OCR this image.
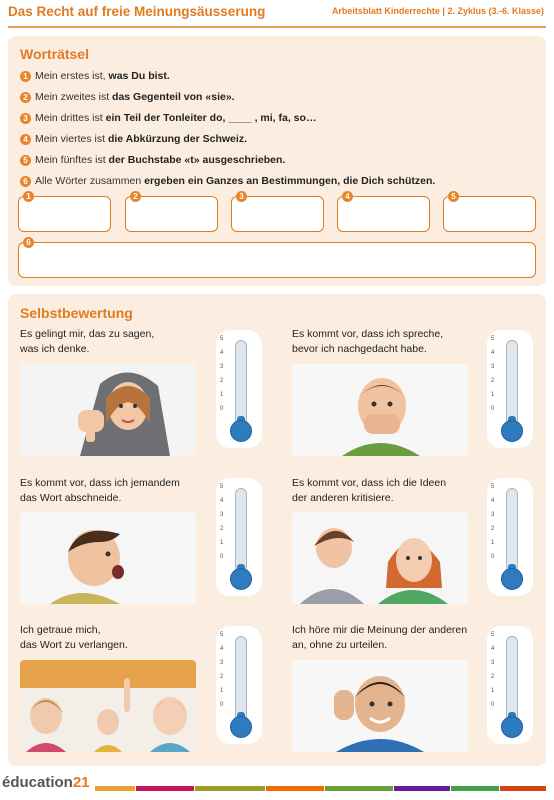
Das Recht auf freie Meinungsäusserung	Arbeitsblatt Kinderrechte | 2. Zyklus (3.-6. Klasse)
Worträtsel
1 Mein erstes ist, was Du bist.
2 Mein zweites ist das Gegenteil von «sie».
3 Mein drittes ist ein Teil der Tonleiter do, ____ , mi, fa, so…
4 Mein viertes ist die Abkürzung der Schweiz.
5 Mein fünftes ist der Buchstabe «t» ausgeschrieben.
6 Alle Wörter zusammen ergeben ein Ganzes an Bestimmungen, die Dich schützen.
1	2	3	4	5
6
Selbstbewertung
Es gelingt mir, das zu sagen,
was ich denke.
5
4
3
2
1
0
Es kommt vor, dass ich spreche,
bevor ich nachgedacht habe.
5
4
3
2
1
0
Es kommt vor, dass ich jemandem
das Wort abschneide.
5
4
3
2
1
0
Es kommt vor, dass ich die Ideen
der anderen kritisiere.
5
4
3
2
1
0
Ich getraue mich,
das Wort zu verlangen.
5
4
3
2
1
0
Ich höre mir die Meinung der anderen
an, ohne zu urteilen.
5
4
3
2
1
0
éducation21
